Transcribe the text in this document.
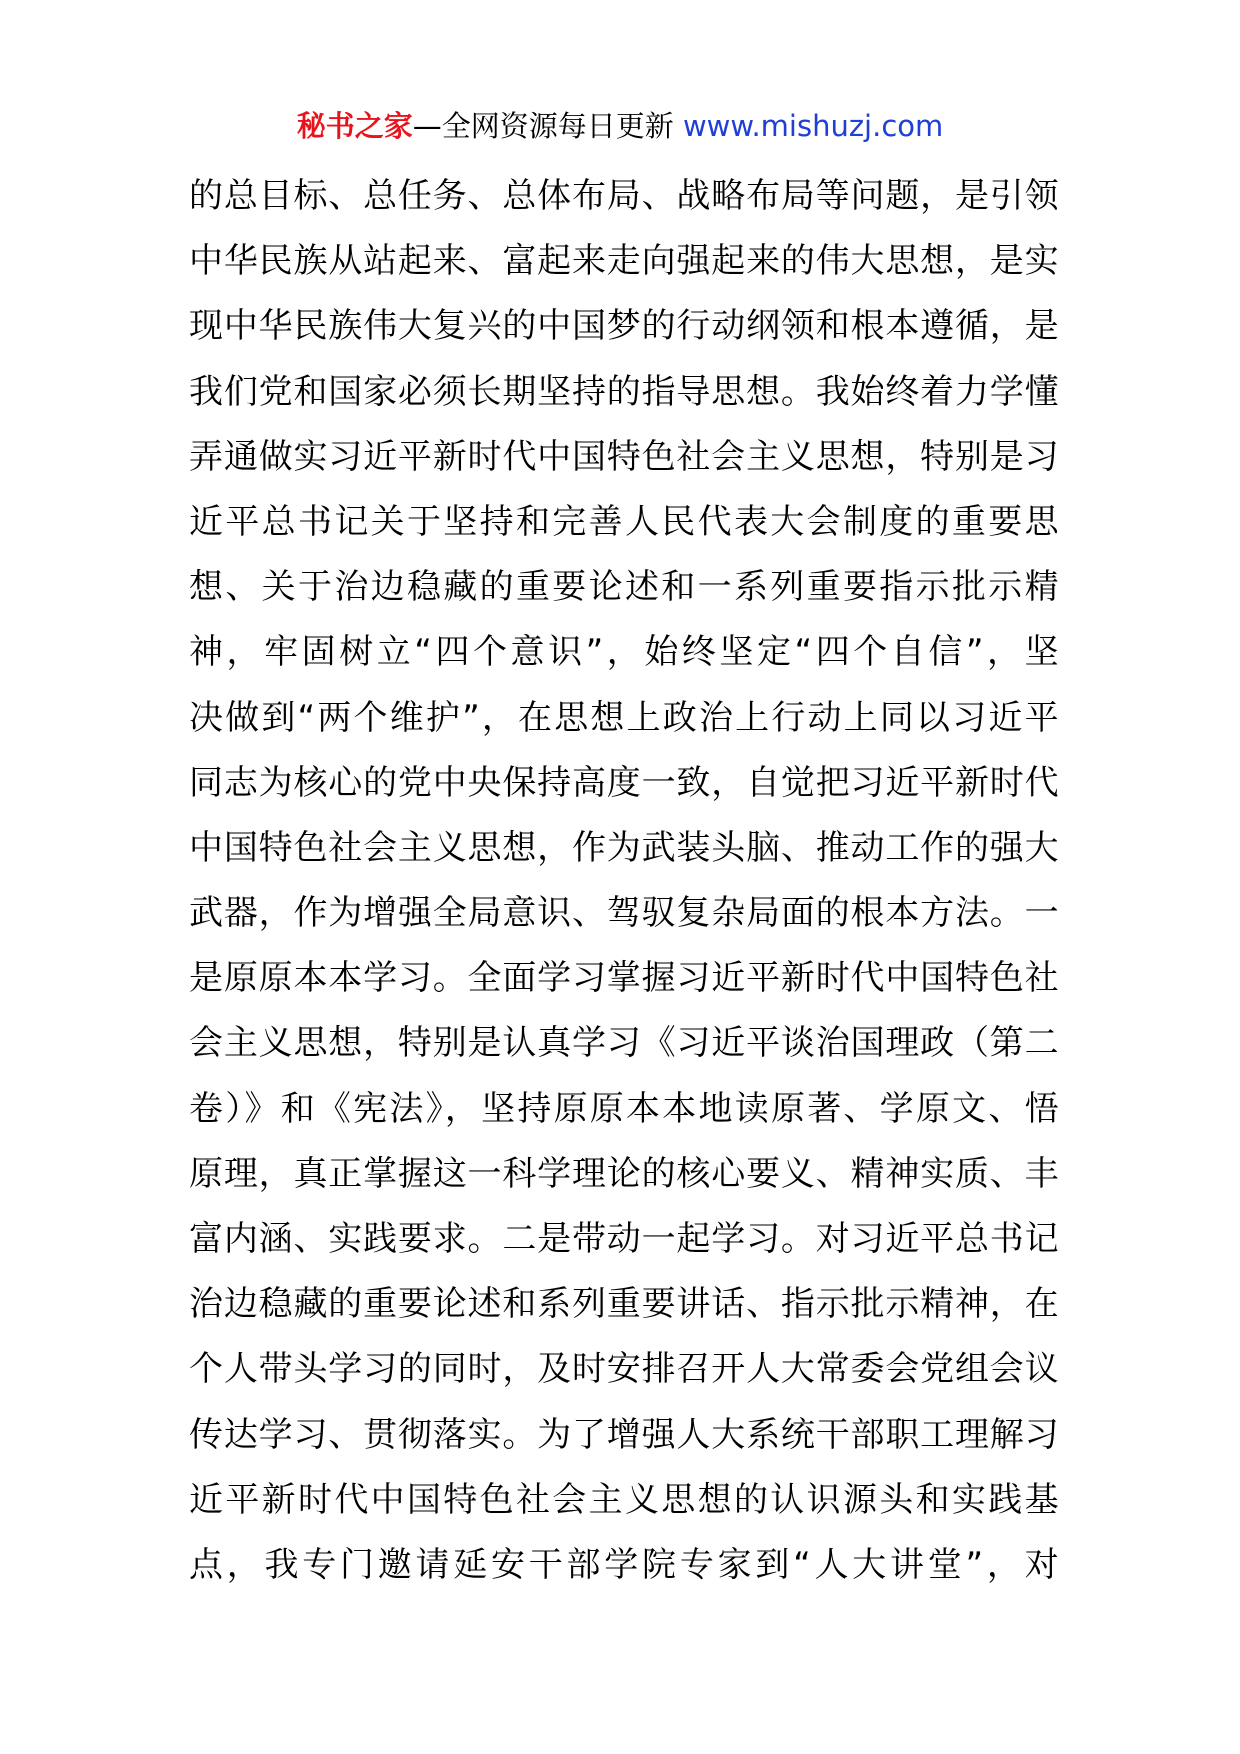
秘书之家—全网资源每日更新 www.mishuzj.com
的总目标、总任务、总体布局、战略布局等问题，是引领
中华民族从站起来、富起来走向强起来的伟大思想，是实
现中华民族伟大复兴的中国梦的行动纲领和根本遵循，是
我们党和国家必须长期坚持的指导思想。我始终着力学懂
弄通做实习近平新时代中国特色社会主义思想，特别是习
近平总书记关于坚持和完善人民代表大会制度的重要思
想、关于治边稳藏的重要论述和一系列重要指示批示精
神，牢固树立“四个意识”，始终坚定“四个自信”，坚
决做到“两个维护”，在思想上政治上行动上同以习近平
同志为核心的党中央保持高度一致，自觉把习近平新时代
中国特色社会主义思想，作为武装头脑、推动工作的强大
武器，作为增强全局意识、驾驭复杂局面的根本方法。一
是原原本本学习。全面学习掌握习近平新时代中国特色社
会主义思想，特别是认真学习《习近平谈治国理政（第二
卷）》和《宪法》，坚持原原本本地读原著、学原文、悟
原理，真正掌握这一科学理论的核心要义、精神实质、丰
富内涵、实践要求。二是带动一起学习。对习近平总书记
治边稳藏的重要论述和系列重要讲话、指示批示精神，在
个人带头学习的同时，及时安排召开人大常委会党组会议
传达学习、贯彻落实。为了增强人大系统干部职工理解习
近平新时代中国特色社会主义思想的认识源头和实践基
点，我专门邀请延安干部学院专家到“人大讲堂”，对
